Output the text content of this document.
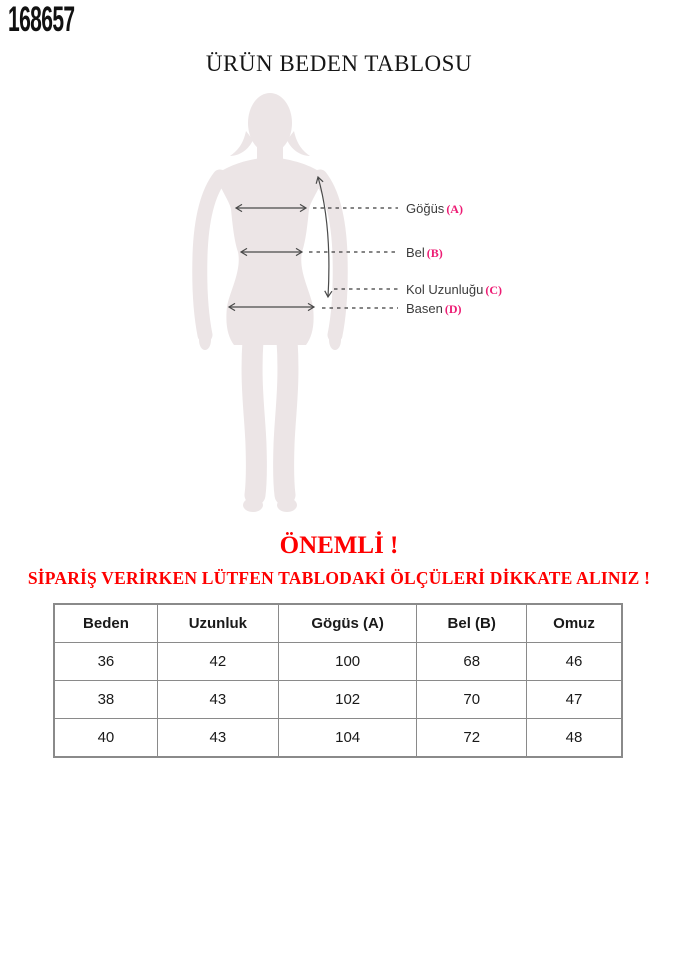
168657
ÜRÜN BEDEN TABLOSU
Göğüs (A)
Bel (B)
Kol Uzunluğu (C)
Basen (D)
ÖNEMLİ !
SİPARİŞ VERİRKEN LÜTFEN TABLODAKİ ÖLÇÜLERİ DİKKATE ALINIZ !
Beden	Uzunluk	Gögüs (A)	Bel (B)	Omuz
36	42	100	68	46
38	43	102	70	47
40	43	104	72	48
